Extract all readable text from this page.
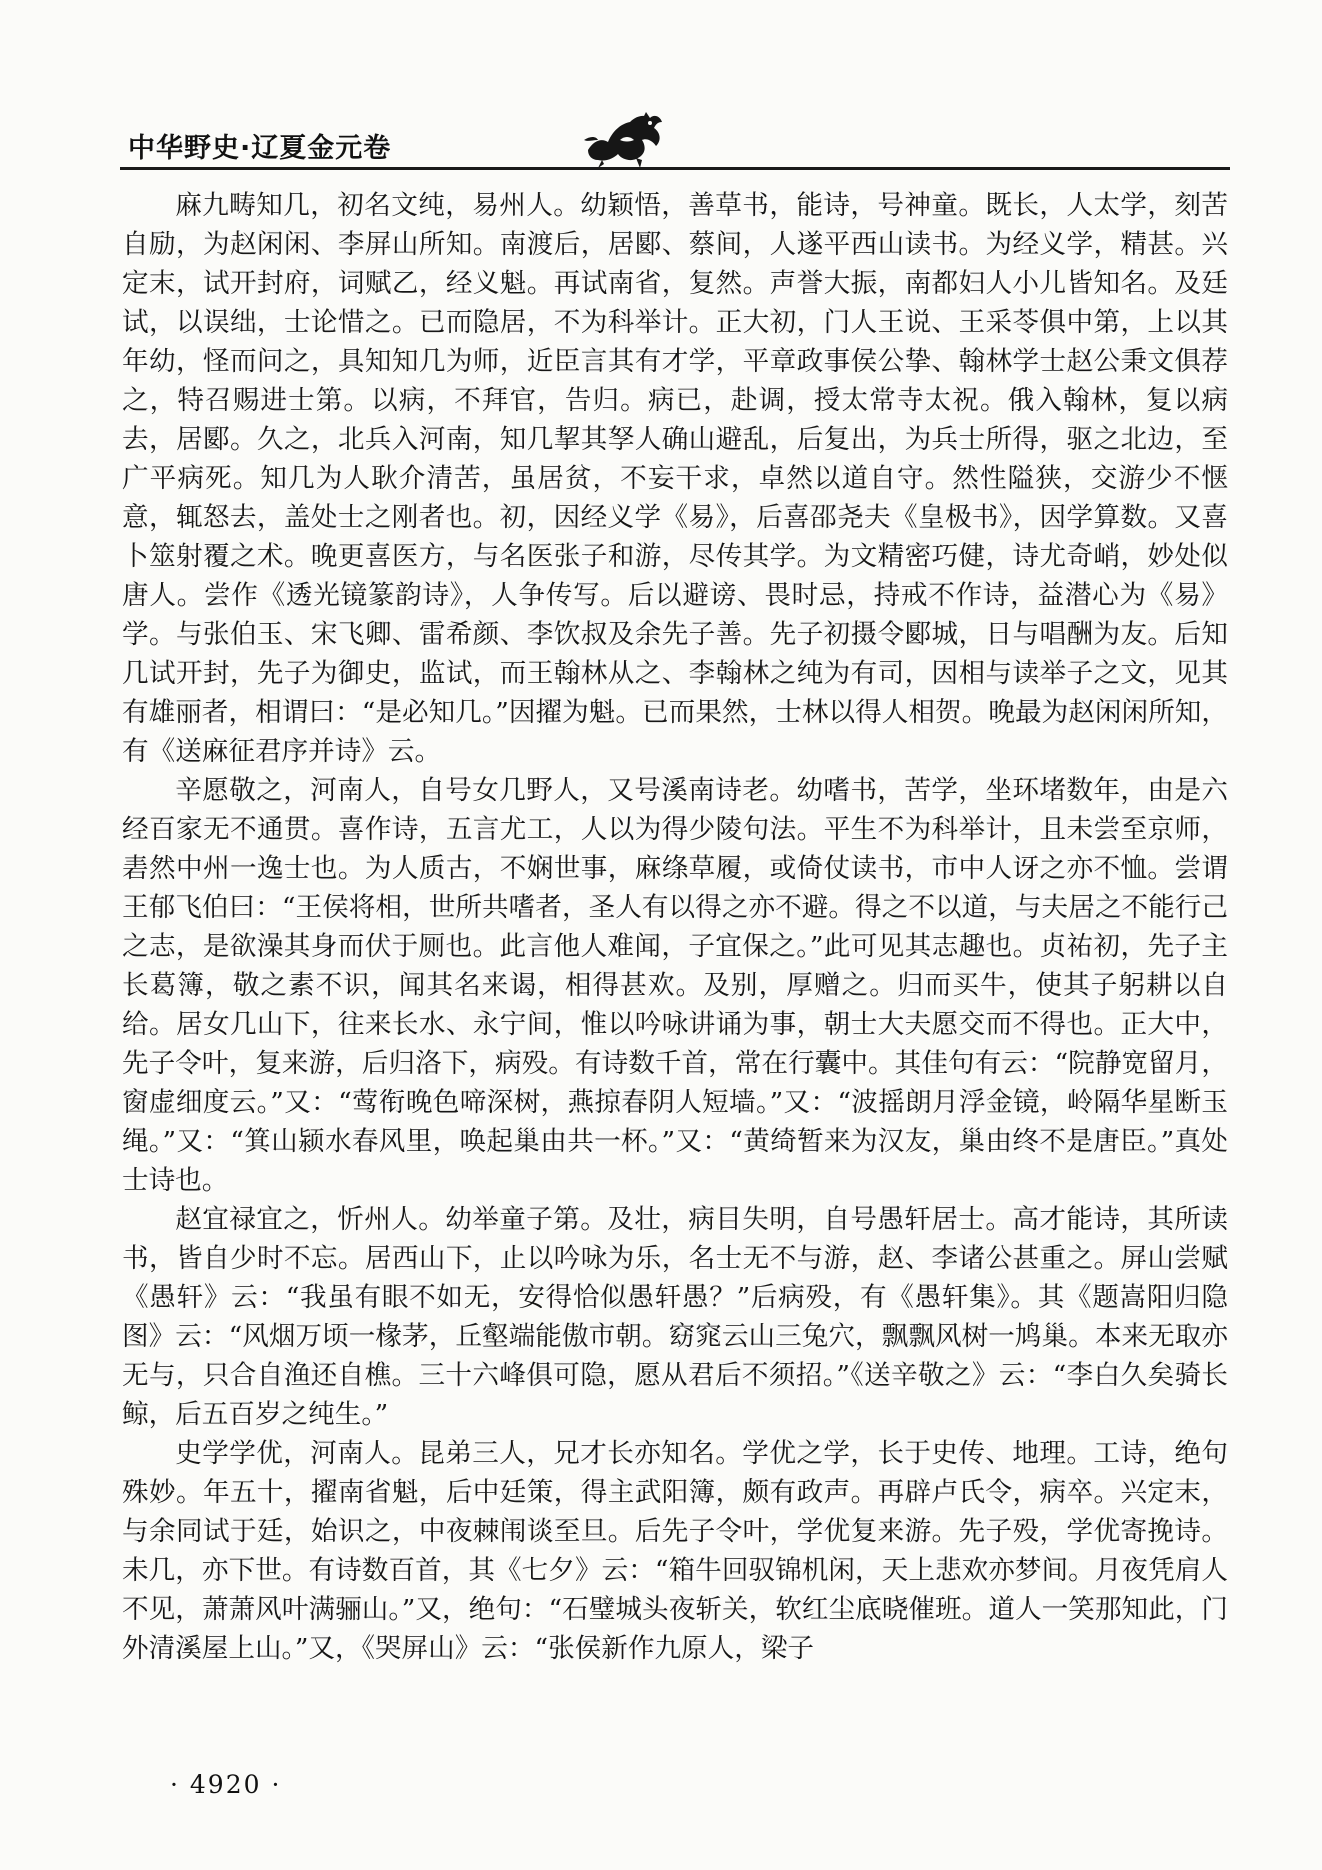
中华野史·辽夏金元卷

麻九畴知几，初名文纯，易州人。幼颖悟，善草书，能诗，号神童。既长，人太学，刻苦自励，为赵闲闲、李屏山所知。南渡后，居郾、蔡间，人遂平西山读书。为经义学，精甚。兴定末，试开封府，词赋乙，经义魁。再试南省，复然。声誉大振，南都妇人小儿皆知名。及廷试，以误绌，士论惜之。已而隐居，不为科举计。正大初，门人王说、王采苓俱中第，上以其年幼，怪而问之，具知知几为师，近臣言其有才学，平章政事侯公挚、翰林学士赵公秉文俱荐之，特召赐进士第。以病，不拜官，告归。病已，赴调，授太常寺太祝。俄入翰林，复以病去，居郾。久之，北兵入河南，知几挈其孥人确山避乱，后复出，为兵士所得，驱之北边，至广平病死。知几为人耿介清苦，虽居贫，不妄干求，卓然以道自守。然性隘狭，交游少不惬意，辄怒去，盖处士之刚者也。初，因经义学《易》，后喜邵尧夫《皇极书》，因学算数。又喜卜筮射覆之术。晚更喜医方，与名医张子和游，尽传其学。为文精密巧健，诗尤奇峭，妙处似唐人。尝作《透光镜篆韵诗》，人争传写。后以避谤、畏时忌，持戒不作诗，益潜心为《易》学。与张伯玉、宋飞卿、雷希颜、李饮叔及余先子善。先子初摄令郾城，日与唱酬为友。后知几试开封，先子为御史，监试，而王翰林从之、李翰林之纯为有司，因相与读举子之文，见其有雄丽者，相谓曰：“是必知几。”因擢为魁。已而果然，士林以得人相贺。晚最为赵闲闲所知，有《送麻征君序并诗》云。

辛愿敬之，河南人，自号女几野人，又号溪南诗老。幼嗜书，苦学，坐环堵数年，由是六经百家无不通贯。喜作诗，五言尤工，人以为得少陵句法。平生不为科举计，且未尝至京师，砉然中州一逸士也。为人质古，不娴世事，麻绦草履，或倚仗读书，市中人讶之亦不恤。尝谓王郁飞伯曰：“王侯将相，世所共嗜者，圣人有以得之亦不避。得之不以道，与夫居之不能行己之志，是欲澡其身而伏于厕也。此言他人难闻，子宜保之。”此可见其志趣也。贞祐初，先子主长葛簿，敬之素不识，闻其名来谒，相得甚欢。及别，厚赠之。归而买牛，使其子躬耕以自给。居女几山下，往来长水、永宁间，惟以吟咏讲诵为事，朝士大夫愿交而不得也。正大中，先子令叶，复来游，后归洛下，病殁。有诗数千首，常在行囊中。其佳句有云：“院静宽留月，窗虚细度云。”又：“莺衔晚色啼深树，燕掠春阴人短墙。”又：“波摇朗月浮金镜，岭隔华星断玉绳。”又：“箕山颍水春风里，唤起巢由共一杯。”又：“黄绮暂来为汉友，巢由终不是唐臣。”真处士诗也。

赵宜禄宜之，忻州人。幼举童子第。及壮，病目失明，自号愚轩居士。高才能诗，其所读书，皆自少时不忘。居西山下，止以吟咏为乐，名士无不与游，赵、李诸公甚重之。屏山尝赋《愚轩》云：“我虽有眼不如无，安得恰似愚轩愚？”后病殁，有《愚轩集》。其《题嵩阳归隐图》云：“风烟万顷一椽茅，丘壑端能傲市朝。窈窕云山三兔穴，飘飘风树一鸠巢。本来无取亦无与，只合自渔还自樵。三十六峰俱可隐，愿从君后不须招。”《送辛敬之》云：“李白久矣骑长鲸，后五百岁之纯生。”

史学学优，河南人。昆弟三人，兄才长亦知名。学优之学，长于史传、地理。工诗，绝句殊妙。年五十，擢南省魁，后中廷策，得主武阳簿，颇有政声。再辟卢氏令，病卒。兴定末，与余同试于廷，始识之，中夜棘闱谈至旦。后先子令叶，学优复来游。先子殁，学优寄挽诗。未几，亦下世。有诗数百首，其《七夕》云：“箱牛回驭锦机闲，天上悲欢亦梦间。月夜凭肩人不见，萧萧风叶满骊山。”又，绝句：“石璧城头夜斩关，软红尘底晓催班。道人一笑那知此，门外清溪屋上山。”又，《哭屏山》云：“张侯新作九原人，梁子

· 4920 ·
